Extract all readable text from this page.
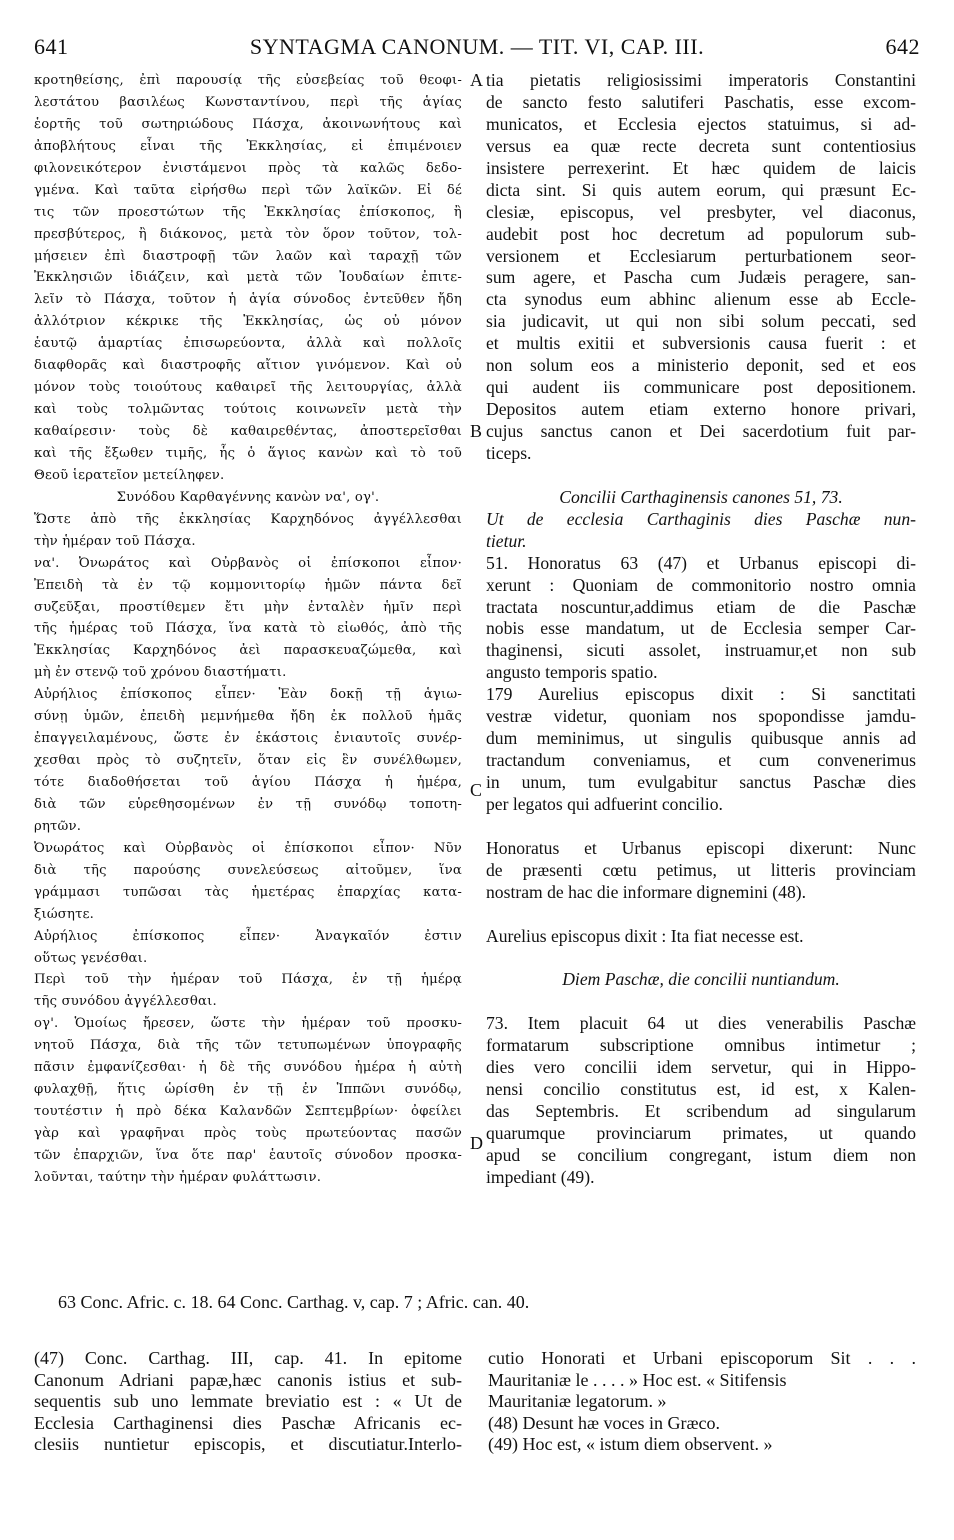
641	SYNTAGMA CANONUM. — TIT. VI, CAP. III.	642
A
B
C
D
κροτηθείσης, ἐπὶ παρουσίᾳ τῆς εὐσεβείας τοῦ θεοφι-
λεστάτου βασιλέως Κωνσταντίνου, περὶ τῆς ἁγίας
ἑορτῆς τοῦ σωτηριώδους Πάσχα, ἀκοινωνήτους καὶ
ἀποβλήτους εἶναι τῆς Ἐκκλησίας, εἰ ἐπιμένοιεν
φιλονεικότερον ἐνιστάμενοι πρὸς τὰ καλῶς δεδο-
γμένα. Καὶ ταῦτα εἰρήσθω περὶ τῶν λαϊκῶν. Εἰ δέ
τις τῶν προεστώτων τῆς Ἐκκλησίας ἐπίσκοπος, ἢ
πρεσβύτερος, ἢ διάκονος, μετὰ τὸν ὅρον τοῦτον, τολ-
μήσειεν ἐπὶ διαστροφῇ τῶν λαῶν καὶ ταραχῇ τῶν
Ἐκκλησιῶν ἰδιάζειν, καὶ μετὰ τῶν Ἰουδαίων ἐπιτε-
λεῖν τὸ Πάσχα, τοῦτον ἡ ἁγία σύνοδος ἐντεῦθεν ἤδη
ἀλλότριον κέκρικε τῆς Ἐκκλησίας, ὡς οὐ μόνον
ἑαυτῷ ἁμαρτίας ἐπισωρεύοντα, ἀλλὰ καὶ πολλοῖς
διαφθορᾶς καὶ διαστροφῆς αἴτιον γινόμενον. Καὶ οὐ
μόνον τοὺς τοιούτους καθαιρεῖ τῆς λειτουργίας, ἀλλὰ
καὶ τοὺς τολμῶντας τούτοις κοινωνεῖν μετὰ τὴν
καθαίρεσιν· τοὺς δὲ καθαιρεθέντας, ἀποστερεῖσθαι
καὶ τῆς ἔξωθεν τιμῆς, ἧς ὁ ἅγιος κανὼν καὶ τὸ τοῦ
Θεοῦ ἱερατεῖον μετείληφεν.
Συνόδου Καρθαγέννης κανὼν να', ογ'.
Ὥστε ἀπὸ τῆς ἐκκλησίας Καρχηδόνος ἀγγέλλεσθαι
τὴν ἡμέραν τοῦ Πάσχα.
να'. Ὀνωράτος καὶ Οὐρβανὸς οἱ ἐπίσκοποι εἶπον·
Ἐπειδὴ τὰ ἐν τῷ κομμονιτορίῳ ἡμῶν πάντα δεῖ
συζεῦξαι, προστίθεμεν ἔτι μὴν ἐνταλὲν ἡμῖν περὶ
τῆς ἡμέρας τοῦ Πάσχα, ἵνα κατὰ τὸ εἰωθός, ἀπὸ τῆς
Ἐκκλησίας Καρχηδόνος ἀεὶ παρασκευαζώμεθα, καὶ
μὴ ἐν στενῷ τοῦ χρόνου διαστήματι.
Αὐρήλιος ἐπίσκοπος εἶπεν· Ἐὰν δοκῇ τῇ ἁγιω-
σύνῃ ὑμῶν, ἐπειδὴ μεμνήμεθα ἤδη ἐκ πολλοῦ ἡμᾶς
ἐπαγγειλαμένους, ὥστε ἐν ἑκάστοις ἐνιαυτοῖς συνέρ-
χεσθαι πρὸς τὸ συζητεῖν, ὅταν εἰς ἓν συνέλθωμεν,
τότε διαδοθήσεται τοῦ ἁγίου Πάσχα ἡ ἡμέρα,
διὰ τῶν εὑρεθησομένων ἐν τῇ συνόδῳ τοποτη-
ρητῶν.
Ὀνωράτος καὶ Οὐρβανὸς οἱ ἐπίσκοποι εἶπον· Νῦν
διὰ τῆς παρούσης συνελεύσεως αἰτοῦμεν, ἵνα
γράμμασι τυπῶσαι τὰς ἡμετέρας ἐπαρχίας κατα-
ξιώσητε.
Αὐρήλιος ἐπίσκοπος εἶπεν· Ἀναγκαῖόν ἐστιν
οὕτως γενέσθαι.
Περὶ τοῦ τὴν ἡμέραν τοῦ Πάσχα, ἐν τῇ ἡμέρᾳ
τῆς συνόδου ἀγγέλλεσθαι.
ογ'. Ὁμοίως ἤρεσεν, ὥστε τὴν ἡμέραν τοῦ προσκυ-
νητοῦ Πάσχα, διὰ τῆς τῶν τετυπωμένων ὑπογραφῆς
πᾶσιν ἐμφανίζεσθαι· ἡ δὲ τῆς συνόδου ἡμέρα ἡ αὐτὴ
φυλαχθῇ, ἥτις ὡρίσθη ἐν τῇ ἐν Ἱππῶνι συνόδῳ,
τουτέστιν ἡ πρὸ δέκα Καλανδῶν Σεπτεμβρίων· ὀφείλει
γὰρ καὶ γραφῆναι πρὸς τοὺς πρωτεύοντας πασῶν
τῶν ἐπαρχιῶν, ἵνα ὅτε παρ' ἑαυτοῖς σύνοδον προσκα-
λοῦνται, ταύτην τὴν ἡμέραν φυλάττωσιν.
tia pietatis religiosissimi imperatoris Constantini
de sancto festo salutiferi Paschatis, esse excom-
municatos, et Ecclesia ejectos statuimus, si ad-
versus ea quæ recte decreta sunt contentiosius
insistere perrexerint. Et hæc quidem de laicis
dicta sint. Si quis autem eorum, qui præsunt Ec-
clesiæ, episcopus, vel presbyter, vel diaconus,
audebit post hoc decretum ad populorum sub-
versionem et Ecclesiarum perturbationem seor-
sum agere, et Pascha cum Judæis peragere, san-
cta synodus eum abhinc alienum esse ab Eccle-
sia judicavit, ut qui non sibi solum peccati, sed
et multis exitii et subversionis causa fuerit : et
non solum eos a ministerio deponit, sed et eos
qui audent iis communicare post depositionem.
Depositos autem etiam externo honore privari,
cujus sanctus canon et Dei sacerdotium fuit par-
ticeps.
Concilii Carthaginensis canones 51, 73.
Ut de ecclesia Carthaginis dies Paschæ nun-
tietur.
51. Honoratus 63 (47) et Urbanus episcopi di-
xerunt : Quoniam de commonitorio nostro omnia
tractata noscuntur,addimus etiam de die Paschæ
nobis esse mandatum, ut de Ecclesia semper Car-
thaginensi, sicuti assolet, instruamur,et non sub
angusto temporis spatio.
179 Aurelius episcopus dixit : Si sanctitati
vestræ videtur, quoniam nos spopondisse jamdu-
dum meminimus, ut singulis quibusque annis ad
tractandum conveniamus, et cum convenerimus
in unum, tum evulgabitur sanctus Paschæ dies
per legatos qui adfuerint concilio.
Honoratus et Urbanus episcopi dixerunt: Nunc
de præsenti cœtu petimus, ut litteris provinciam
nostram de hac die informare dignemini (48).
Aurelius episcopus dixit : Ita fiat necesse est.
Diem Paschæ, die concilii nuntiandum.
73. Item placuit 64 ut dies venerabilis Paschæ
formatarum subscriptione omnibus intimetur ;
dies vero concilii idem servetur, qui in Hippo-
nensi concilio constitutus est, id est, x Kalen-
das Septembris. Et scribendum ad singularum
quarumque provinciarum primates, ut quando
apud se concilium congregant, istum diem non
impediant (49).
63 Conc. Afric. c. 18. 64 Conc. Carthag. v, cap. 7 ; Afric. can. 40.
(47) Conc. Carthag. III, cap. 41. In epitome
Canonum Adriani papæ,hæc canonis istius et sub-
sequentis sub uno lemmate breviatio est : « Ut de
Ecclesia Carthaginensi dies Paschæ Africanis ec-
clesiis nuntietur episcopis, et discutiatur.Interlo-
cutio Honorati et Urbani episcoporum Sit . . .
Mauritaniæ le . . . . » Hoc est. « Sitifensis
Mauritaniæ legatorum. »
(48) Desunt hæ voces in Græco.
(49) Hoc est, « istum diem observent. »
